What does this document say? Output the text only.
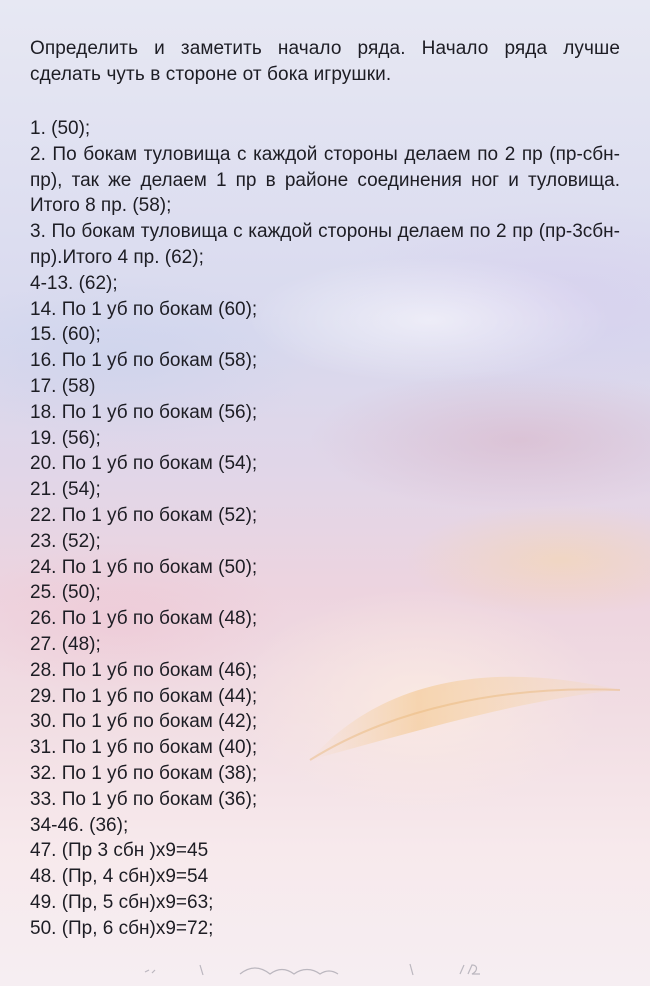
Определить и заметить начало ряда. Начало ряда лучше сделать чуть в стороне от бока игрушки.

1. (50);
2. По бокам туловища с каждой стороны делаем по 2 пр (пр-сбн-пр), так же делаем 1 пр в районе соединения ног и туловища. Итого 8 пр. (58);
3. По бокам туловища с каждой стороны делаем по 2 пр (пр-3сбн-пр).Итого 4 пр. (62);
4-13. (62);
14. По 1 уб по бокам (60);
15. (60);
16. По 1 уб по бокам (58);
17. (58)
18. По 1 уб по бокам (56);
19. (56);
20. По 1 уб по бокам (54);
21. (54);
22. По 1 уб по бокам (52);
23. (52);
24. По 1 уб по бокам (50);
25. (50);
26. По 1 уб по бокам (48);
27. (48);
28. По 1 уб по бокам (46);
29. По 1 уб по бокам (44);
30. По 1 уб по бокам (42);
31. По 1 уб по бокам (40);
32. По 1 уб по бокам (38);
33. По 1 уб по бокам (36);
34-46. (36);
47. (Пр 3 сбн )х9=45
48. (Пр, 4 сбн)х9=54
49. (Пр, 5 сбн)х9=63;
50. (Пр, 6 сбн)х9=72;
